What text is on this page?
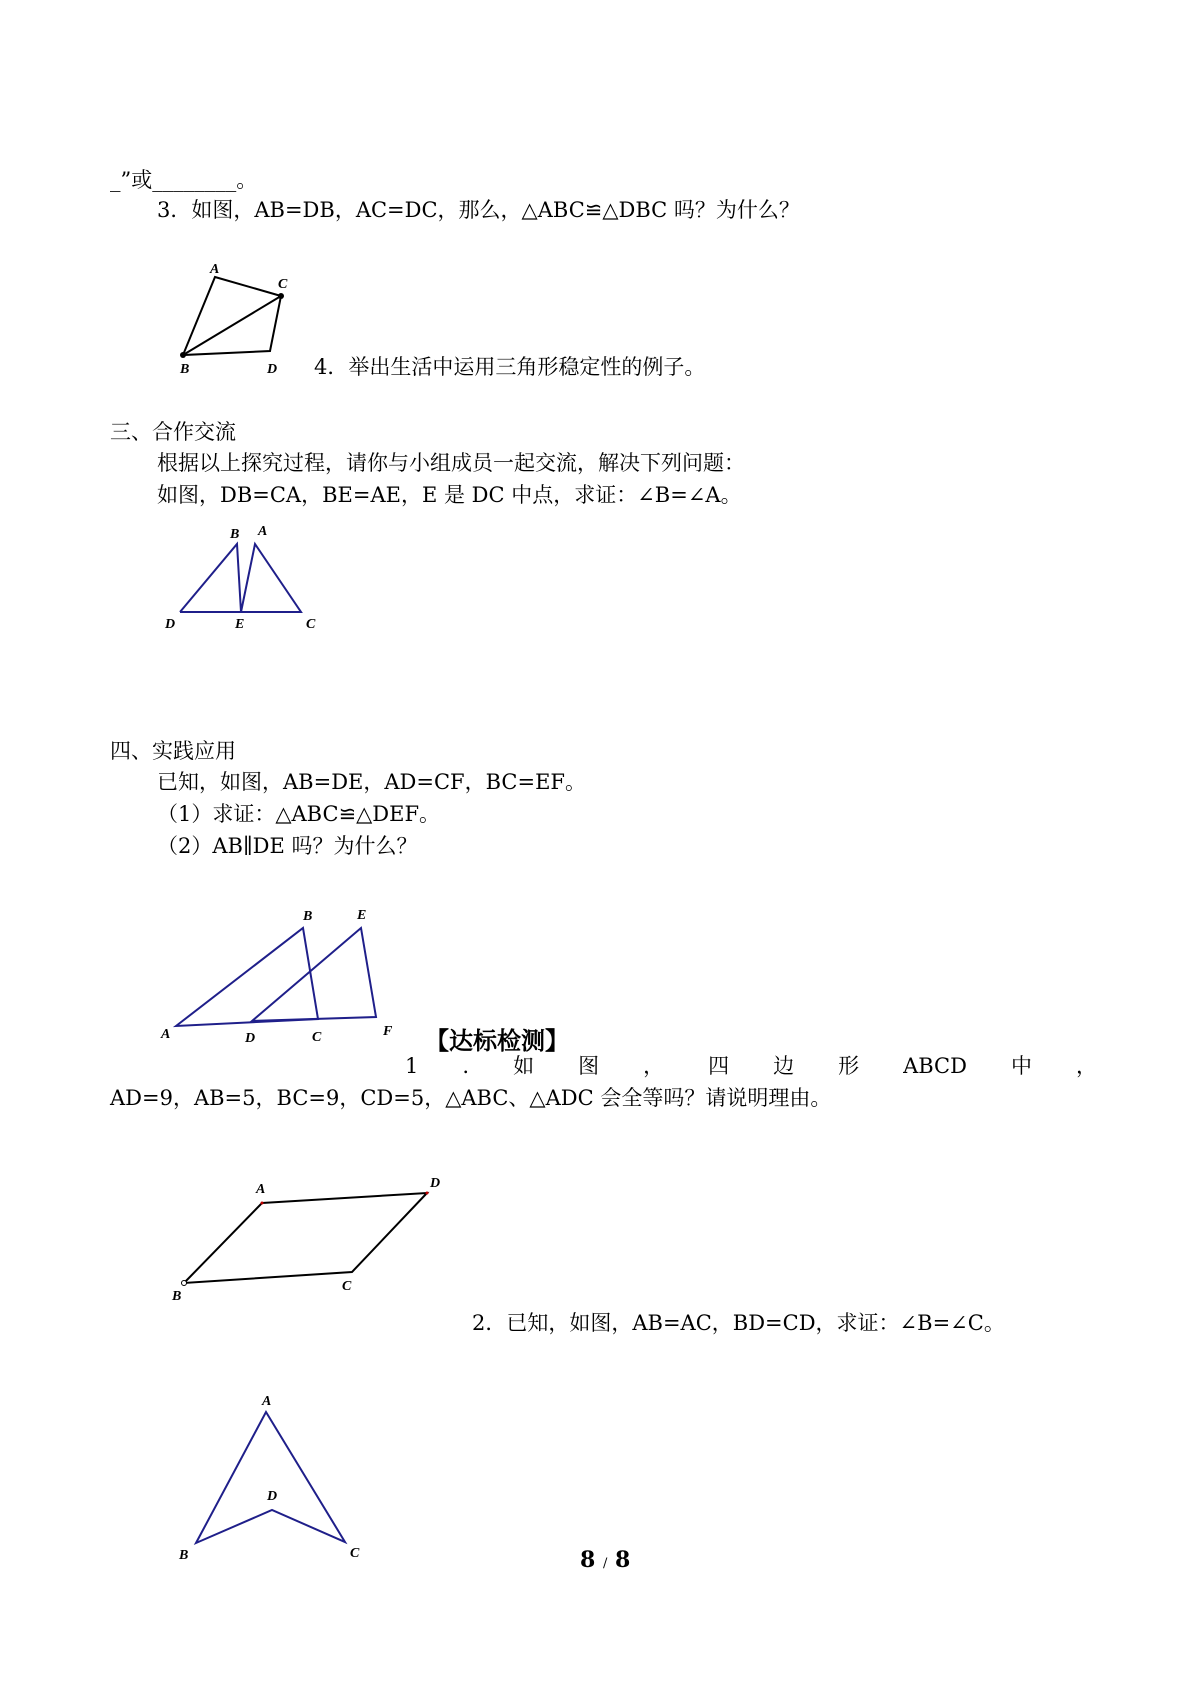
_”或________。
3．如图，AB=DB，AC=DC，那么，△ABC≌△DBC 吗？为什么？
4．举出生活中运用三角形稳定性的例子。
三、合作交流
根据以上探究过程，请你与小组成员一起交流，解决下列问题：
如图，DB=CA，BE=AE，E 是 DC 中点，求证：∠B=∠A。
四、实践应用
已知，如图，AB=DE，AD=CF，BC=EF。
（1）求证：△ABC≌△DEF。
（2）AB∥DE 吗？为什么？
【达标检测】
1 . 如 图 ， 四 边 形 ABCD 中 ，
AD=9，AB=5，BC=9，CD=5，△ABC、△ADC 会全等吗？请说明理由。
2．已知，如图，AB=AC，BD=CD，求证：∠B=∠C。
A
C
B	D
B A
D	E	C
B	E
A	D	C	F
A	D
B
C
A
D
B	C	8 / 8
